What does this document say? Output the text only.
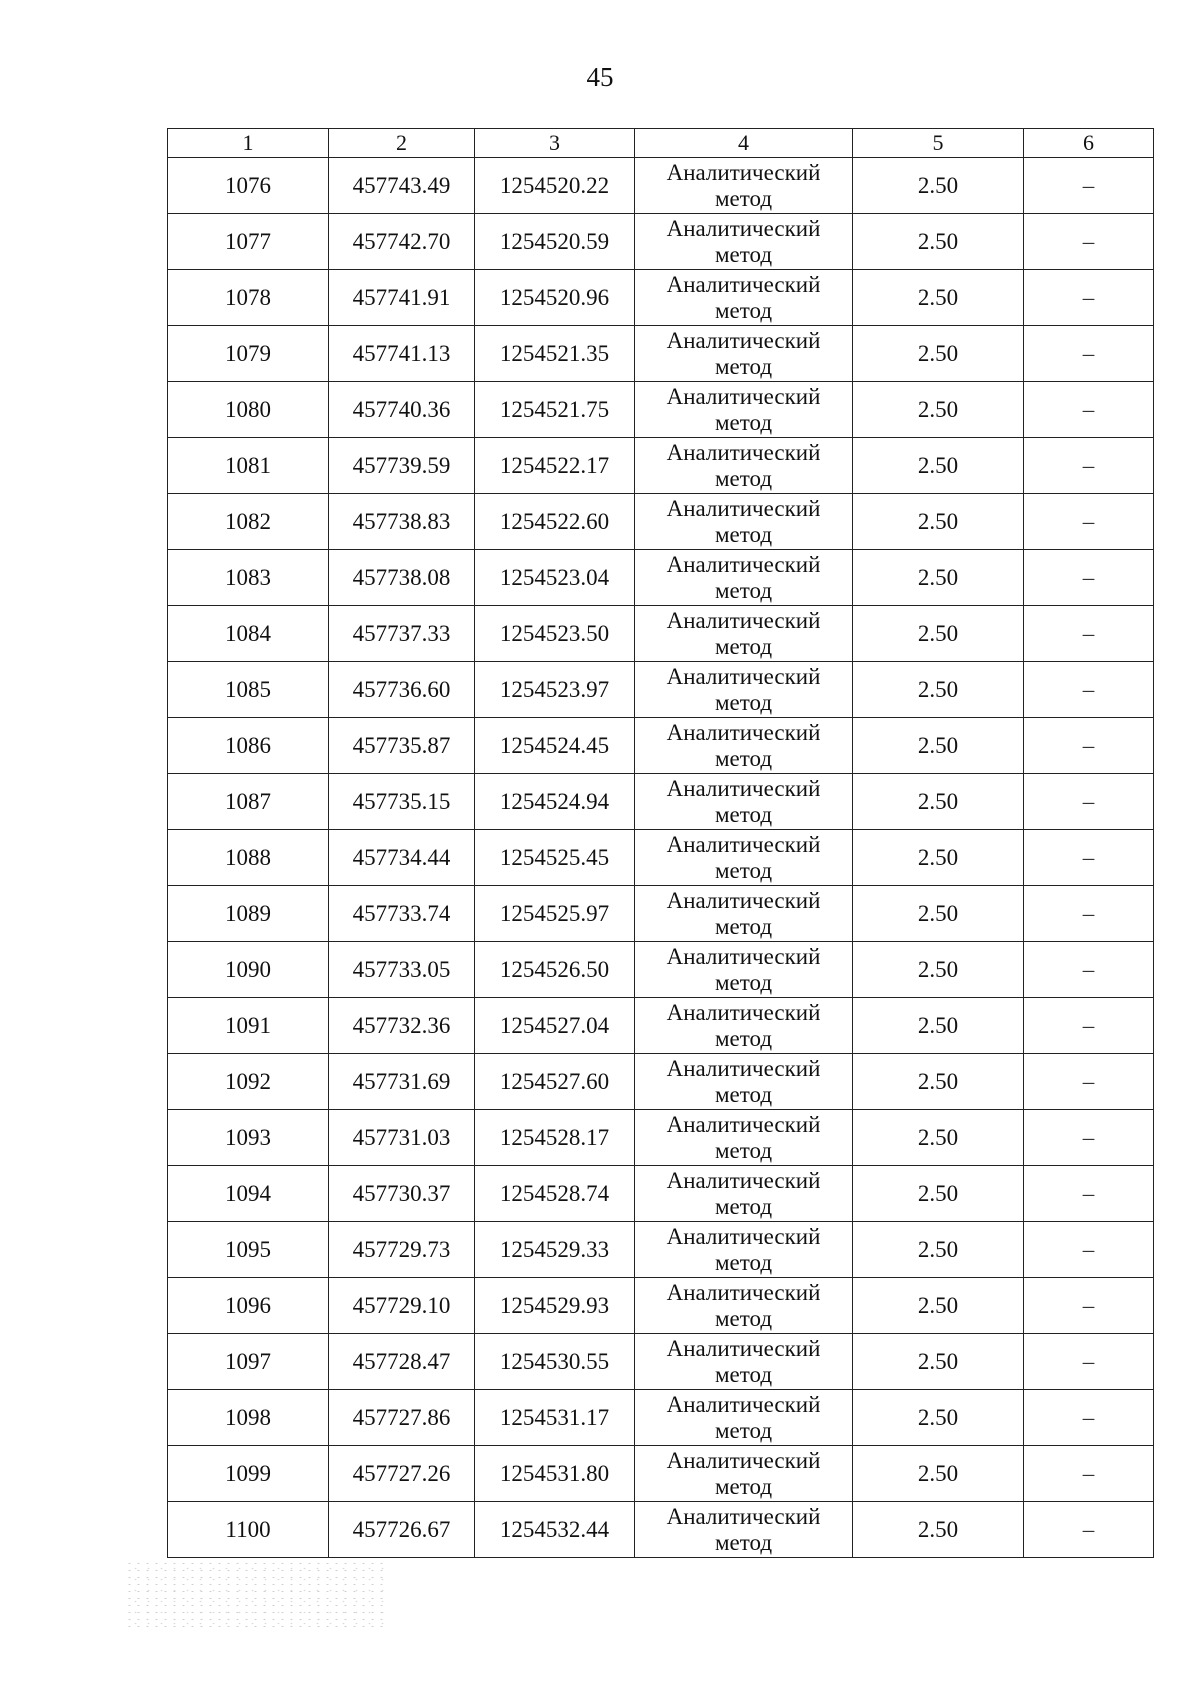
45
1	2	3	4	5	6
1076	457743.49	1254520.22	Аналитический
метод	2.50	–
1077	457742.70	1254520.59	Аналитический
метод	2.50	–
1078	457741.91	1254520.96	Аналитический
метод	2.50	–
1079	457741.13	1254521.35	Аналитический
метод	2.50	–
1080	457740.36	1254521.75	Аналитический
метод	2.50	–
1081	457739.59	1254522.17	Аналитический
метод	2.50	–
1082	457738.83	1254522.60	Аналитический
метод	2.50	–
1083	457738.08	1254523.04	Аналитический
метод	2.50	–
1084	457737.33	1254523.50	Аналитический
метод	2.50	–
1085	457736.60	1254523.97	Аналитический
метод	2.50	–
1086	457735.87	1254524.45	Аналитический
метод	2.50	–
1087	457735.15	1254524.94	Аналитический
метод	2.50	–
1088	457734.44	1254525.45	Аналитический
метод	2.50	–
1089	457733.74	1254525.97	Аналитический
метод	2.50	–
1090	457733.05	1254526.50	Аналитический
метод	2.50	–
1091	457732.36	1254527.04	Аналитический
метод	2.50	–
1092	457731.69	1254527.60	Аналитический
метод	2.50	–
1093	457731.03	1254528.17	Аналитический
метод	2.50	–
1094	457730.37	1254528.74	Аналитический
метод	2.50	–
1095	457729.73	1254529.33	Аналитический
метод	2.50	–
1096	457729.10	1254529.93	Аналитический
метод	2.50	–
1097	457728.47	1254530.55	Аналитический
метод	2.50	–
1098	457727.86	1254531.17	Аналитический
метод	2.50	–
1099	457727.26	1254531.80	Аналитический
метод	2.50	–
1100	457726.67	1254532.44	Аналитический
метод	2.50	–
